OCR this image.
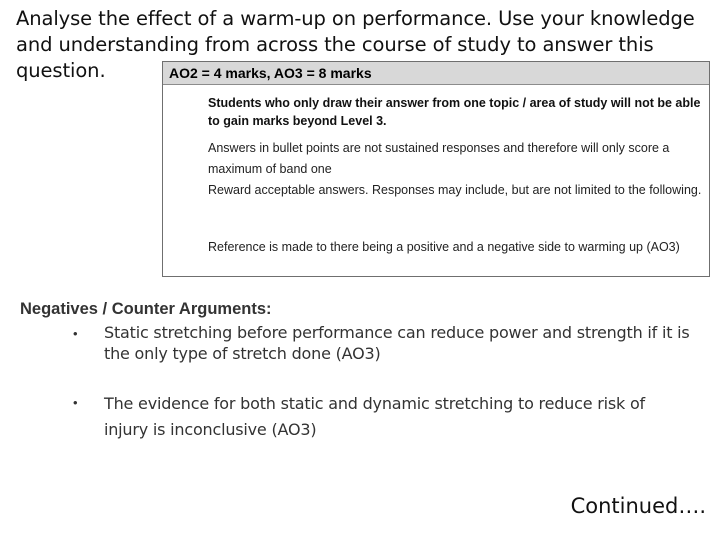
Analyse the effect of a warm-up on performance. Use your knowledge and understanding from across the course of study to answer this question.	AO2 = 4 marks, AO3 = 8 marks
Students who only draw their answer from one topic / area of study will not be able to gain marks beyond Level 3.
Answers in bullet points are not sustained responses and therefore will only score a maximum of band one
Reward acceptable answers. Responses may include, but are not limited to the following.
Reference is made to there being a positive and a negative side to warming up (AO3)
Negatives / Counter Arguments:
• Static stretching before performance can reduce power and strength if it is the only type of stretch done (AO3)
• The evidence for both static and dynamic stretching to reduce risk of injury is inconclusive (AO3)
Continued….
